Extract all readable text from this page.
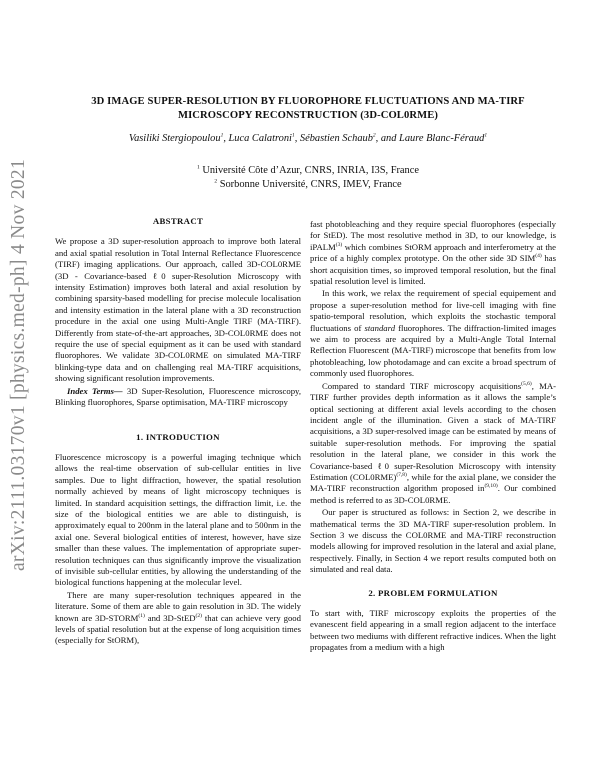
arXiv:2111.03170v1 [physics.med-ph] 4 Nov 2021
3D IMAGE SUPER-RESOLUTION BY FLUOROPHORE FLUCTUATIONS AND MA-TIRF
MICROSCOPY RECONSTRUCTION (3D-COL0RME)
Vasiliki Stergiopoulou$^1$, Luca Calatroni$^1$, Sébastien Schaub$^2$, and Laure Blanc-Féraud$^1$
$^1$ Université Côte d’Azur, CNRS, INRIA, I3S, France
$^2$ Sorbonne Université, CNRS, IMEV, France
ABSTRACT

We propose a 3D super-resolution approach to improve both lateral and axial spatial resolution in Total Internal Reflectance Fluorescence (TIRF) imaging applications. Our approach, called 3D-COL0RME (3D - Covariance-based ℓ0 super-Resolution Microscopy with intensity Estimation) improves both lateral and axial resolution by combining sparsity-based modelling for precise molecule localisation and intensity estimation in the lateral plane with a 3D reconstruction procedure in the axial one using Multi-Angle TIRF (MA-TIRF). Differently from state-of-the-art approaches, 3D-COL0RME does not require the use of special equipment as it can be used with standard fluorophores. We validate 3D-COL0RME on simulated MA-TIRF blinking-type data and on challenging real MA-TIRF acquisitions, showing significant resolution improvements.

Index Terms— 3D Super-Resolution, Fluorescence microscopy, Blinking fluorophores, Sparse optimisation, MA-TIRF microscopy

1. INTRODUCTION

Fluorescence microscopy is a powerful imaging technique which allows the real-time observation of sub-cellular entities in live samples. Due to light diffraction, however, the spatial resolution normally achieved by means of light microscopy techniques is limited. In standard acquisition settings, the diffraction limit, i.e. the size of the biological entities we are able to distinguish, is approximately equal to 200nm in the lateral plane and to 500nm in the axial one. Several biological entities of interest, however, have size smaller than these values. The implementation of appropriate super-resolution techniques can thus significantly improve the visualization of invisible sub-cellular entities, by allowing the understanding of the biological functions happening at the molecular level.

There are many super-resolution techniques appeared in the literature. Some of them are able to gain resolution in 3D. The widely known are 3D-STORM$^{(1)}$ and 3D-StED$^{(2)}$ that can achieve very good levels of spatial resolution but at the expense of long acquisition times (especially for StORM),

fast photobleaching and they require special fluorophores (especially for StED). The most resolutive method in 3D, to our knowledge, is iPALM$^{(3)}$ which combines StORM approach and interferometry at the price of a highly complex prototype. On the other side 3D SIM$^{(4)}$ has short acquisition times, so improved temporal resolution, but the final spatial resolution level is limited.

In this work, we relax the requirement of special equipement and propose a super-resolution method for live-cell imaging with fine spatio-temporal resolution, which exploits the stochastic temporal fluctuations of standard fluorophores. The diffraction-limited images we aim to process are acquired by a Multi-Angle Total Internal Reflection Fluorescent (MA-TIRF) microscope that benefits from low photobleaching, low photodamage and can excite a broad spectrum of commonly used fluorophores.

Compared to standard TIRF microscopy acquisitions$^{(5,6)}$, MA-TIRF further provides depth information as it allows the sample’s optical sectioning at different axial levels according to the chosen incident angle of the illumination. Given a stack of MA-TIRF acquisitions, a 3D super-resolved image can be estimated by means of suitable super-resolution methods. For improving the spatial resolution in the lateral plane, we consider in this work the Covariance-based ℓ0 super-Resolution Microscopy with intensity Estimation $(COL0RME)^{(7,8)}$, while for the axial plane, we consider the MA-TIRF reconstruction algorithm proposed in$^{(9,10)}$. Our combined method is referred to as 3D-COL0RME.

Our paper is structured as follows: in Section 2, we describe in mathematical terms the 3D MA-TIRF super-resolution problem. In Section 3 we discuss the COL0RME and MA-TIRF reconstruction models allowing for improved resolution in the lateral and axial plane, respectively. Finally, in Section 4 we report results computed both on simulated and real data.

2. PROBLEM FORMULATION

To start with, TIRF microscopy exploits the properties of the evanescent field appearing in a small region adjacent to the interface between two mediums with different refractive indices. When the light propagates from a medium with a high
